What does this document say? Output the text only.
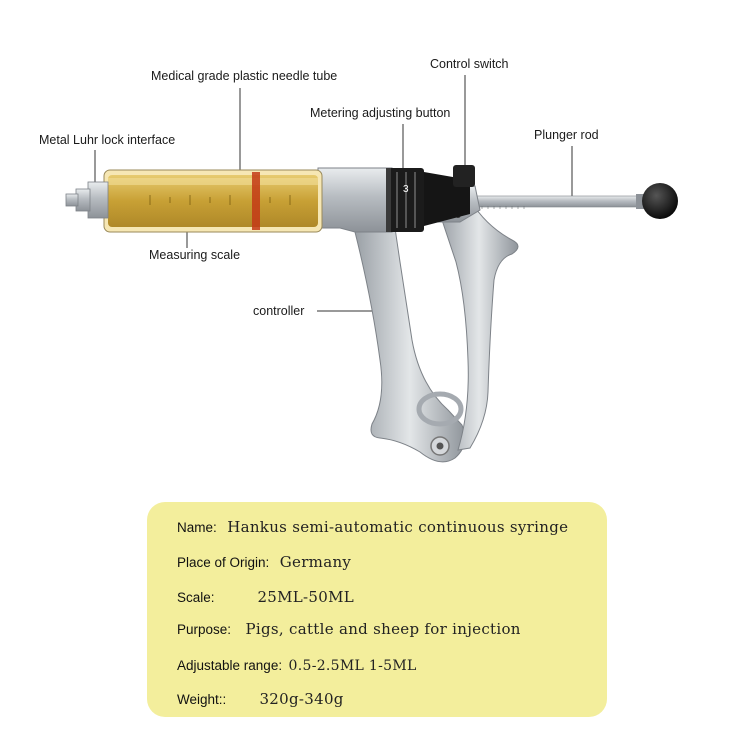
3
Medical grade plastic needle tube
Control switch
Metering adjusting button
Metal Luhr lock interface	Plunger rod
Measuring scale
controller
Name: Hankus semi-automatic continuous syringe
Place of Origin: Germany
Scale:	25ML-50ML
Purpose: Pigs, cattle and sheep for injection
Adjustable range: 0.5-2.5ML 1-5ML
Weight:: 320g-340g
